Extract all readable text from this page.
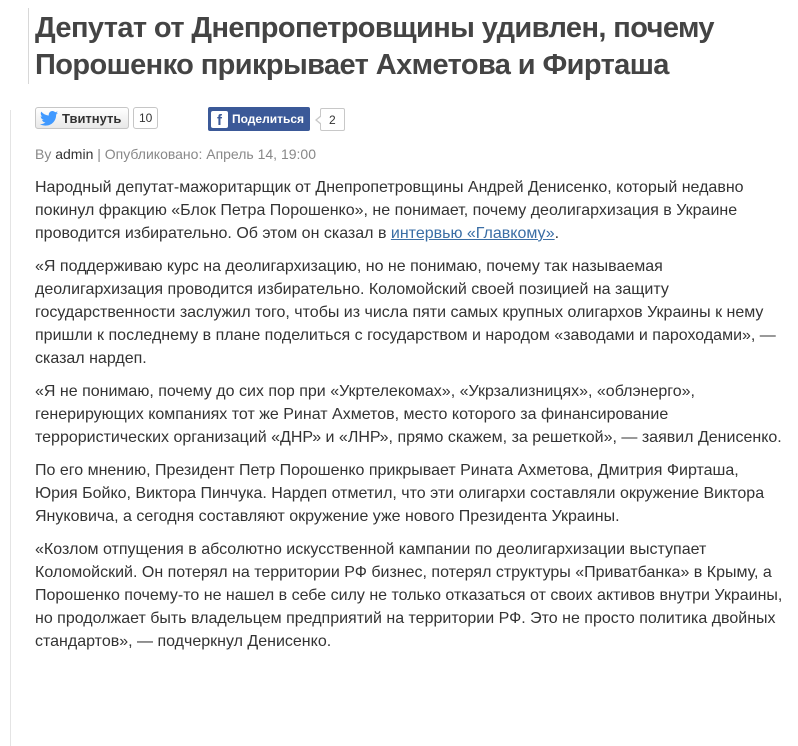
Депутат от Днепропетровщины удивлен, почему Порошенко прикрывает Ахметова и Фирташа
Твитнуть	10	f Поделиться	2
By admin | Опубликовано: Апрель 14, 19:00

Народный депутат-мажоритарщик от Днепропетровщины Андрей Денисенко, который недавно покинул фракцию «Блок Петра Порошенко», не понимает, почему деолигархизация в Украине проводится избирательно. Об этом он сказал в интервью «Главкому».

«Я поддерживаю курс на деолигархизацию, но не понимаю, почему так называемая деолигархизация проводится избирательно. Коломойский своей позицией на защиту государственности заслужил того, чтобы из числа пяти самых крупных олигархов Украины к нему пришли к последнему в плане поделиться с государством и народом «заводами и пароходами», — сказал нардеп.

«Я не понимаю, почему до сих пор при «Укртелекомах», «Укрзализницях», «облэнерго», генерирующих компаниях тот же Ринат Ахметов, место которого за финансирование террористических организаций «ДНР» и «ЛНР», прямо скажем, за решеткой», — заявил Денисенко.

По его мнению, Президент Петр Порошенко прикрывает Рината Ахметова, Дмитрия Фирташа, Юрия Бойко, Виктора Пинчука. Нардеп отметил, что эти олигархи составляли окружение Виктора Януковича, а сегодня составляют окружение уже нового Президента Украины.

«Козлом отпущения в абсолютно искусственной кампании по деолигархизации выступает Коломойский. Он потерял на территории РФ бизнес, потерял структуры «Приватбанка» в Крыму, а Порошенко почему-то не нашел в себе силу не только отказаться от своих активов внутри Украины, но продолжает быть владельцем предприятий на территории РФ. Это не просто политика двойных стандартов», — подчеркнул Денисенко.
